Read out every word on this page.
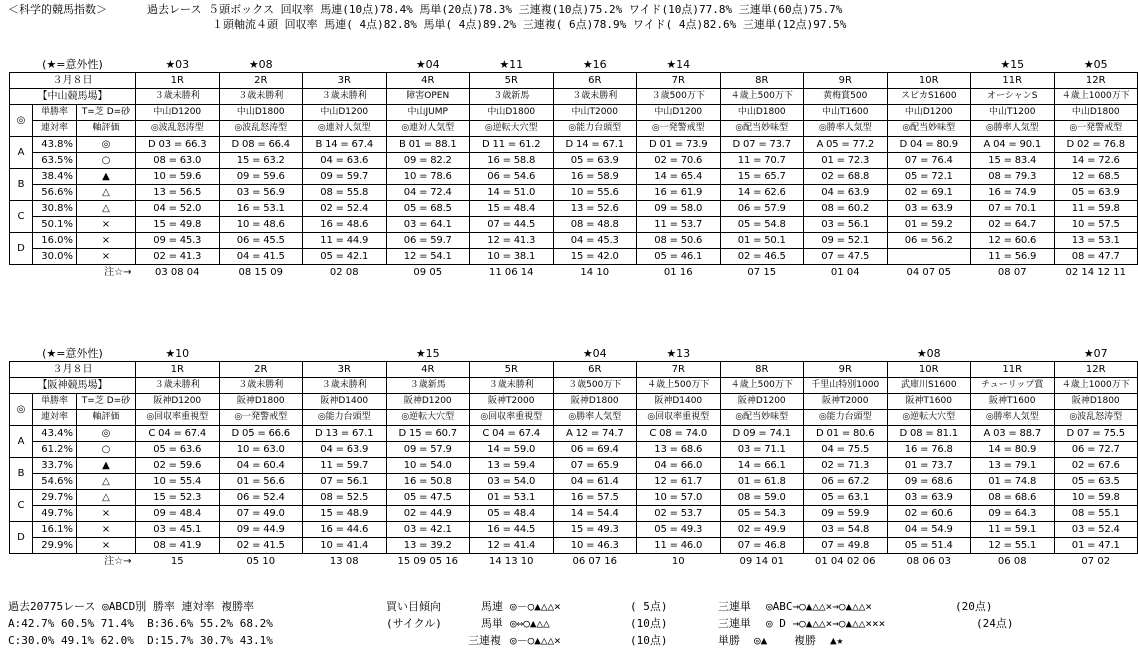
＜科学的競馬指数＞	過去レース ５頭ボックス 回収率 馬連(10点)78.4% 馬単(20点)78.3% 三連複(10点)75.2% ワイド(10点)77.8% 三連単(60点)75.7%
１頭軸流４頭 回収率 馬連( 4点)82.8% 馬単( 4点)89.2% 三連複( 6点)78.9% ワイド( 4点)82.6% 三連単(12点)97.5%
(★=意外性)			★03	★08		★04	★11	★16	★14				★15	★05
３月８日			1R	2R	3R	4R	5R	6R	7R	8R	9R	10R	11R	12R
【中山競馬場】			３歳未勝利	３歳未勝利	３歳未勝利	障害OPEN	３歳新馬	３歳未勝利	３歳500万下	４歳上500万下	黄梅賞500	スピカS1600	オーシャンS	４歳上1000万下
◎	単勝率	T=芝 D=砂	中山D1200	中山D1800	中山D1200	中山JUMP	中山D1800	中山T2000	中山D1200	中山D1800	中山T1600	中山D1200	中山T1200	中山D1800
	連対率	軸評価	◎波乱怒涛型	◎波乱怒涛型	◎連対人気型	◎連対人気型	◎逆転大穴型	◎能力台頭型	◎一発警戒型	◎配当妙味型	◎勝率人気型	◎配当妙味型	◎勝率人気型	◎一発警戒型
A	43.8%	◎	D 03 = 66.3	D 08 = 66.4	B 14 = 67.4	B 01 = 88.1	D 11 = 61.2	D 14 = 67.1	D 01 = 73.9	D 07 = 73.7	A 05 = 77.2	D 04 = 80.9	A 04 = 90.1	D 02 = 76.8
	63.5%	○	08 = 63.0	15 = 63.2	04 = 63.6	09 = 82.2	16 = 58.8	05 = 63.9	02 = 70.6	11 = 70.7	01 = 72.3	07 = 76.4	15 = 83.4	14 = 72.6
B	38.4%	▲	10 = 59.6	09 = 59.6	09 = 59.7	10 = 78.6	06 = 54.6	16 = 58.9	14 = 65.4	15 = 65.7	02 = 68.8	05 = 72.1	08 = 79.3	12 = 68.5
	56.6%	△	13 = 56.5	03 = 56.9	08 = 55.8	04 = 72.4	14 = 51.0	10 = 55.6	16 = 61.9	14 = 62.6	04 = 63.9	02 = 69.1	16 = 74.9	05 = 63.9
C	30.8%	△	04 = 52.0	16 = 53.1	02 = 52.4	05 = 68.5	15 = 48.4	13 = 52.6	09 = 58.0	06 = 57.9	08 = 60.2	03 = 63.9	07 = 70.1	11 = 59.8
	50.1%	×	15 = 49.8	10 = 48.6	16 = 48.6	03 = 64.1	07 = 44.5	08 = 48.8	11 = 53.7	05 = 54.8	03 = 56.1	01 = 59.2	02 = 64.7	10 = 57.5
D	16.0%	×	09 = 45.3	06 = 45.5	11 = 44.9	06 = 59.7	12 = 41.3	04 = 45.3	08 = 50.6	01 = 50.1	09 = 52.1	06 = 56.2	12 = 60.6	13 = 53.1
	30.0%	×	02 = 41.3	04 = 41.5	05 = 42.1	12 = 54.1	10 = 38.1	15 = 42.0	05 = 46.1	02 = 46.5	07 = 47.5		11 = 56.9	08 = 47.7
注☆→			03 08 04	08 15 09	02 08	09 05	11 06 14	14 10	01 16	07 15	01 04	04 07 05	08 07	02 14 12 11
(★=意外性)			★10			★15		★04	★13			★08		★07
３月８日			1R	2R	3R	4R	5R	6R	7R	8R	9R	10R	11R	12R
【阪神競馬場】			３歳未勝利	３歳未勝利	３歳未勝利	３歳新馬	３歳未勝利	３歳500万下	４歳上500万下	４歳上500万下	千里山特別1000	武庫川S1600	チューリップ賞	４歳上1000万下
◎	単勝率	T=芝 D=砂	阪神D1200	阪神D1800	阪神D1400	阪神D1200	阪神T2000	阪神D1800	阪神D1400	阪神D1200	阪神T2000	阪神T1600	阪神T1600	阪神D1800
	連対率	軸評価	◎回収率重視型	◎一発警戒型	◎能力台頭型	◎逆転大穴型	◎回収率重視型	◎勝率人気型	◎回収率重視型	◎配当妙味型	◎能力台頭型	◎逆転大穴型	◎勝率人気型	◎波乱怒涛型
A	43.4%	◎	C 04 = 67.4	D 05 = 66.6	D 13 = 67.1	D 15 = 60.7	C 04 = 67.4	A 12 = 74.7	C 08 = 74.0	D 09 = 74.1	D 01 = 80.6	D 08 = 81.1	A 03 = 88.7	D 07 = 75.5
	61.2%	○	05 = 63.6	10 = 63.0	04 = 63.9	09 = 57.9	14 = 59.0	06 = 69.4	13 = 68.6	03 = 71.1	04 = 75.5	16 = 76.8	14 = 80.9	06 = 72.7
B	33.7%	▲	02 = 59.6	04 = 60.4	11 = 59.7	10 = 54.0	13 = 59.4	07 = 65.9	04 = 66.0	14 = 66.1	02 = 71.3	01 = 73.7	13 = 79.1	02 = 67.6
	54.6%	△	10 = 55.4	01 = 56.6	07 = 56.1	16 = 50.8	03 = 54.0	04 = 61.4	12 = 61.7	01 = 61.8	06 = 67.2	09 = 68.6	01 = 74.8	05 = 63.5
C	29.7%	△	15 = 52.3	06 = 52.4	08 = 52.5	05 = 47.5	01 = 53.1	16 = 57.5	10 = 57.0	08 = 59.0	05 = 63.1	03 = 63.9	08 = 68.6	10 = 59.8
	49.7%	×	09 = 48.4	07 = 49.0	15 = 48.9	02 = 44.9	05 = 48.4	14 = 54.4	02 = 53.7	05 = 54.3	09 = 59.9	02 = 60.6	09 = 64.3	08 = 55.1
D	16.1%	×	03 = 45.1	09 = 44.9	16 = 44.6	03 = 42.1	16 = 44.5	15 = 49.3	05 = 49.3	02 = 49.9	03 = 54.8	04 = 54.9	11 = 59.1	03 = 52.4
	29.9%	×	08 = 41.9	02 = 41.5	10 = 41.4	13 = 39.2	12 = 41.4	10 = 46.3	11 = 46.0	07 = 46.8	07 = 49.8	05 = 51.4	12 = 55.1	01 = 47.1
注☆→			15	05 10	13 08	15 09 05 16	14 13 10	06 07 16	10	09 14 01	01 04 02 06	08 06 03	06 08	07 02
過去20775レース ◎ABCD別 勝率 連対率 複勝率
A:42.7% 60.5% 71.4%  B:36.6% 55.2% 68.2%
C:30.0% 49.1% 62.0%  D:15.7% 30.7% 43.1%
買い目傾向
(サイクル)
馬連 ◎－○▲△△×	( 5点)
馬単 ◎⇔○▲△△	(10点)
三連複 ◎－○▲△△×	(10点)
三連単 ◎ABC→○▲△△×→○▲△△×	(20点)
三連単 ◎ D →○▲△△×→○▲△△×××	(24点)
単勝 ◎▲ 複勝 ▲★
